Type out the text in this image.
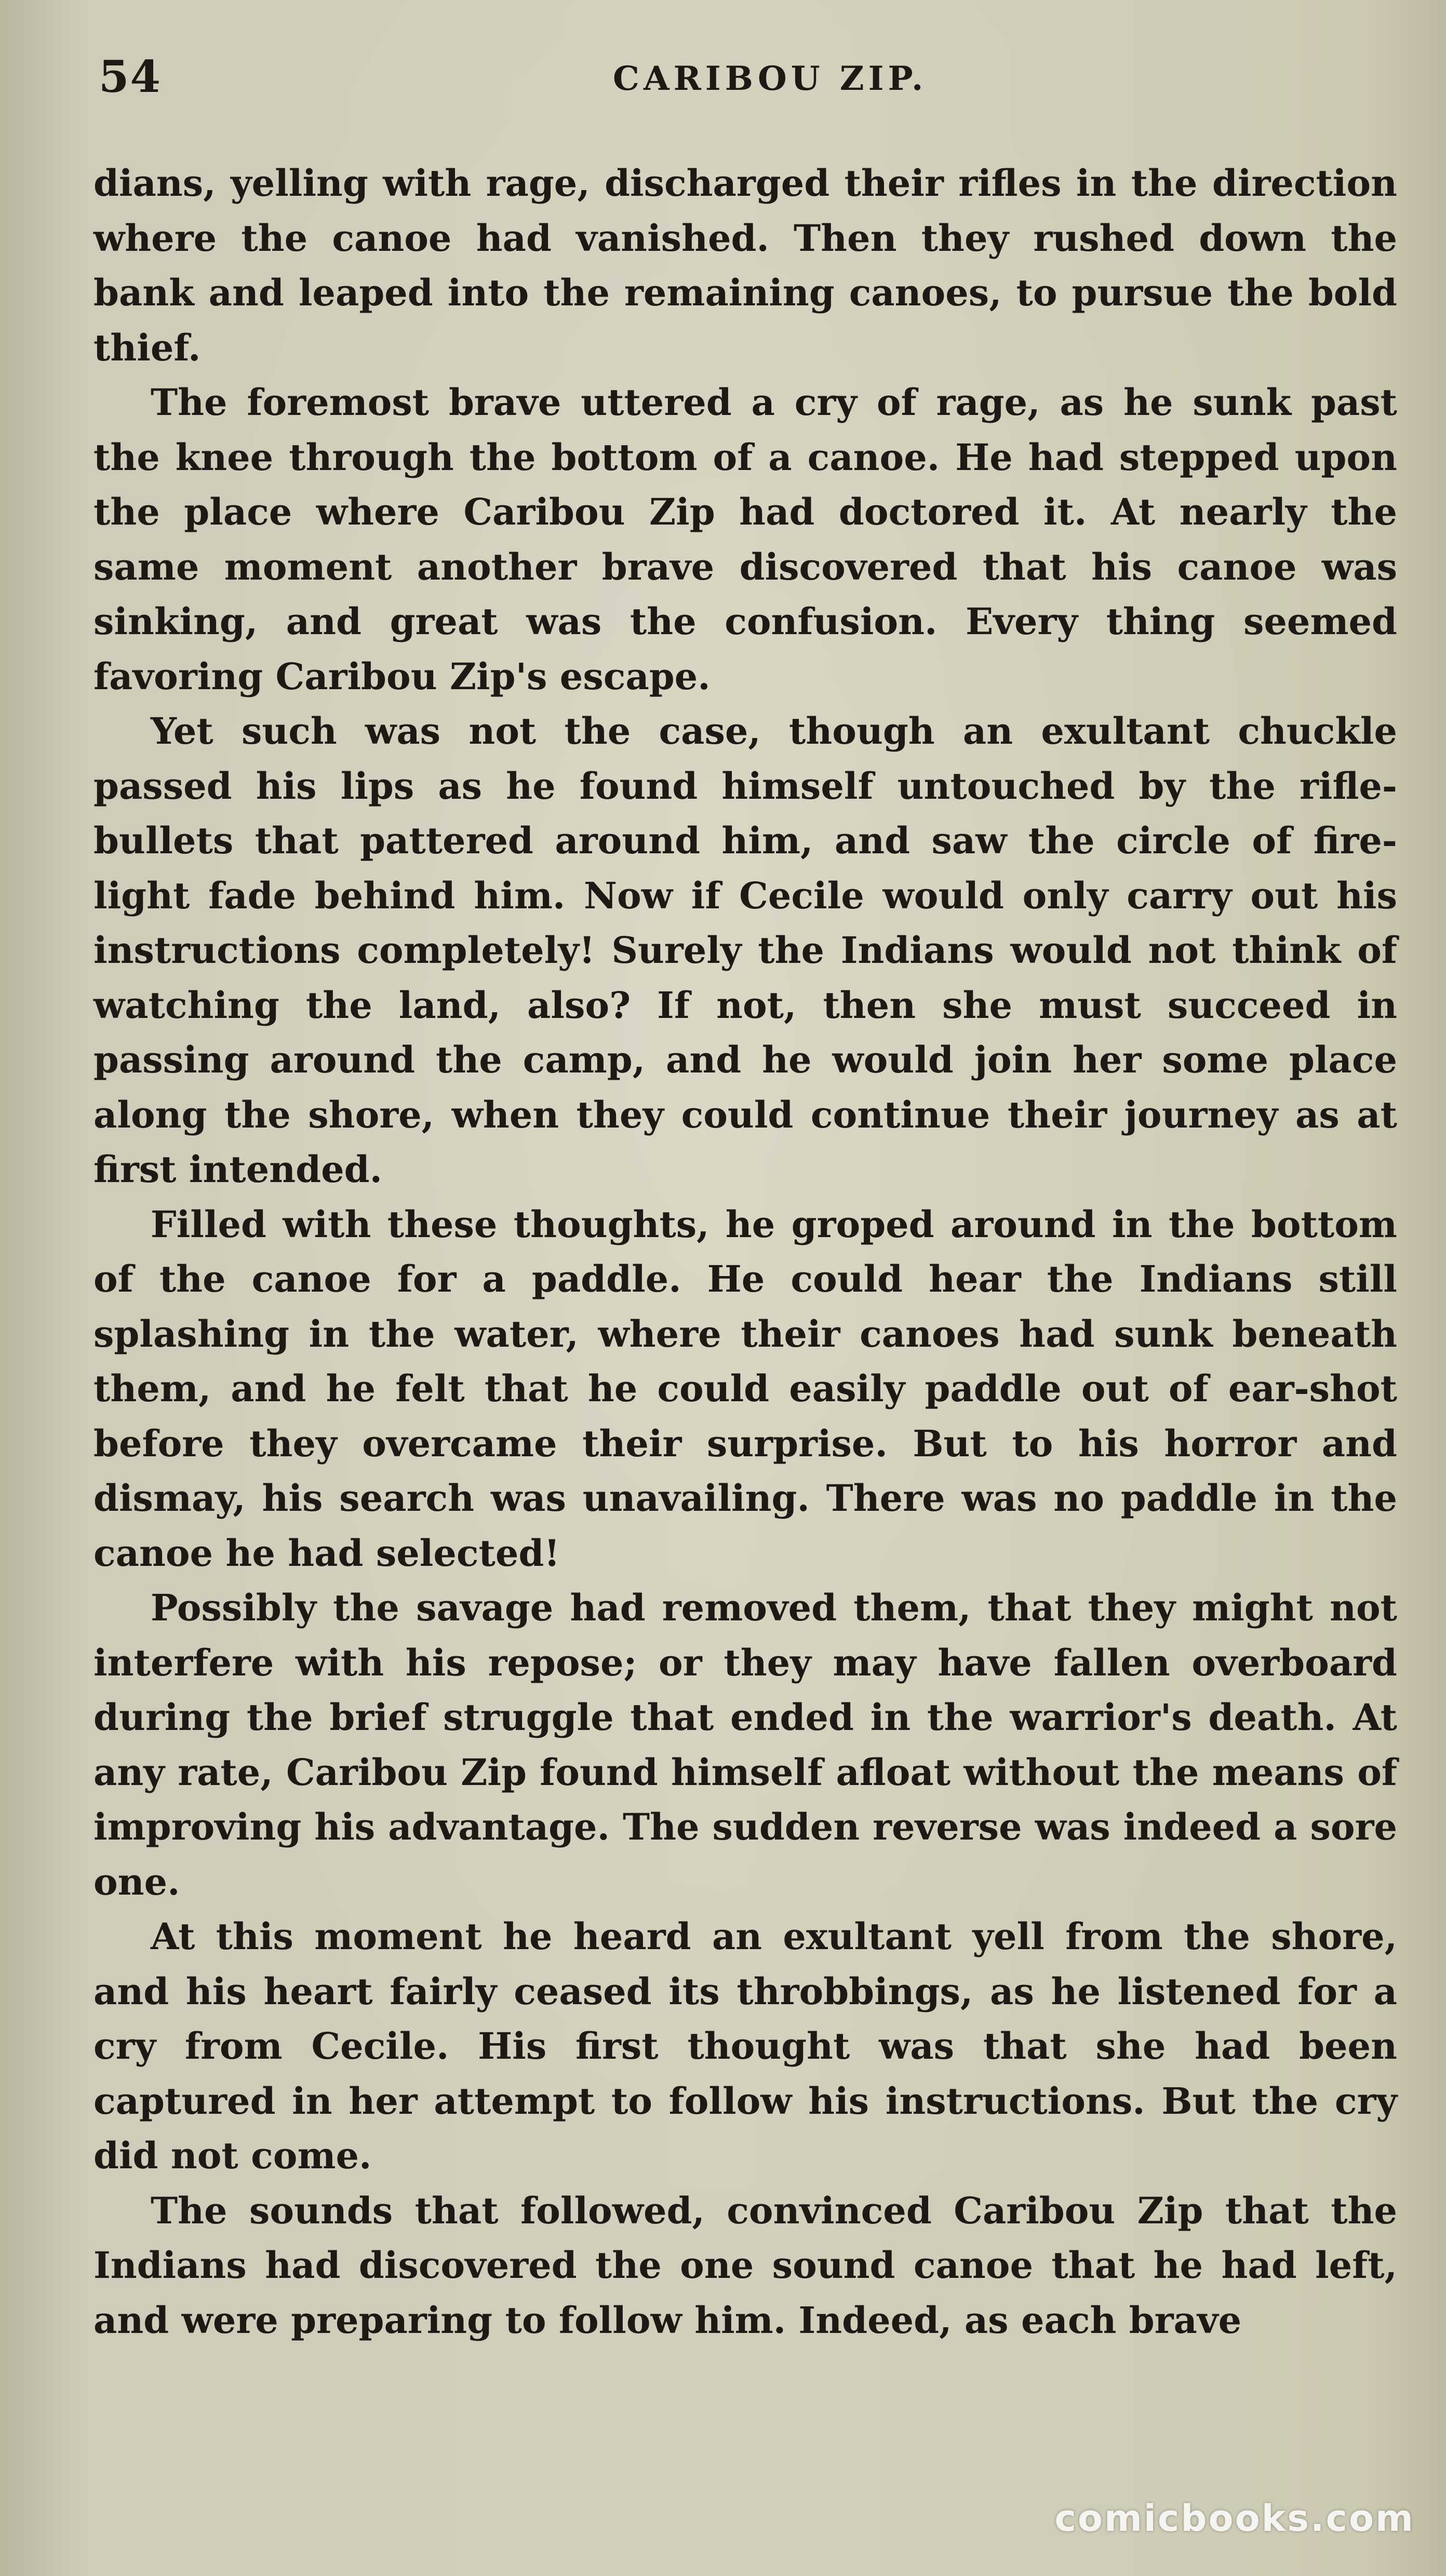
54	CARIBOU ZIP.

dians, yelling with rage, discharged their rifles in the direction where the canoe had vanished. Then they rushed down the bank and leaped into the remaining canoes, to pursue the bold thief.

The foremost brave uttered a cry of rage, as he sunk past the knee through the bottom of a canoe. He had stepped upon the place where Caribou Zip had doctored it. At nearly the same moment another brave discovered that his canoe was sinking, and great was the confusion. Every thing seemed favoring Caribou Zip's escape.

Yet such was not the case, though an exultant chuckle passed his lips as he found himself untouched by the rifle-bullets that pattered around him, and saw the circle of fire-light fade behind him. Now if Cecile would only carry out his instructions completely! Surely the Indians would not think of watching the land, also? If not, then she must succeed in passing around the camp, and he would join her some place along the shore, when they could continue their journey as at first intended.

Filled with these thoughts, he groped around in the bottom of the canoe for a paddle. He could hear the Indians still splashing in the water, where their canoes had sunk beneath them, and he felt that he could easily paddle out of ear-shot before they overcame their surprise. But to his horror and dismay, his search was unavailing. There was no paddle in the canoe he had selected!

Possibly the savage had removed them, that they might not interfere with his repose; or they may have fallen overboard during the brief struggle that ended in the warrior's death. At any rate, Caribou Zip found himself afloat without the means of improving his advantage. The sudden reverse was indeed a sore one.

At this moment he heard an exultant yell from the shore, and his heart fairly ceased its throbbings, as he listened for a cry from Cecile. His first thought was that she had been captured in her attempt to follow his instructions. But the cry did not come.

The sounds that followed, convinced Caribou Zip that the Indians had discovered the one sound canoe that he had left, and were preparing to follow him. Indeed, as each brave

comicbooks.com
